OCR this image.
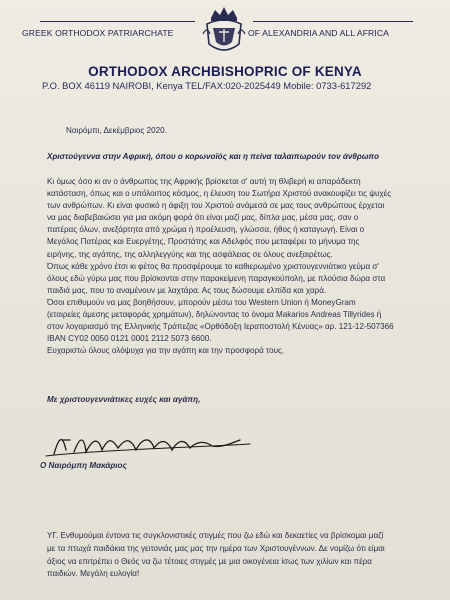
GREEK ORTHODOX PATRIARCHATE	OF ALEXANDRIA AND ALL AFRICA
ORTHODOX ARCHBISHOPRIC OF KENYA
P.O. BOX 46119 NAIROBI, Kenya TEL/FAX:020-2025449 Mobile: 0733-617292
Ναιρόμπι, Δεκέμβριος 2020.
Χριστούγεννα στην Αφρική, όπου ο κορωνοϊός και η πείνα ταλαιπωρούν τον άνθρωπο
Κι όμως όσο κι αν ο άνθρωπος της Αφρικής βρίσκεται σ' αυτή τη θλιβερή κι απαράδεκτη
κατάσταση, όπως και ο υπόλοιπος κόσμος, η έλευση του Σωτήρα Χριστού ανακουφίζει τις ψυχές
των ανθρώπων. Κι είναι φυσικό η άφιξη του Χριστού ανάμεσά σε μας τους ανθρώπους έρχεται
να μας διαβεβαιώσει για μια ακόμη φορά ότι είναι μαζί μας, δίπλα μας, μέσα μας, σαν ο
πατέρας όλων, ανεξάρτητα από χρώμα ή προέλευση, γλώσσα, ήθος ή καταγωγή. Είναι ο
Μεγάλος Πατέρας και Ευεργέτης, Προστάτης και Αδελφός που μεταφέρει το μήνυμα της
ειρήνης, της αγάπης, της αλληλεγγύης και της ασφάλειας σε όλους ανεξαιρέτως.
Όπως κάθε χρόνο έτσι κι φέτος θα προσφέρουμε το καθιερωμένο χριστουγεννιάτικο γεύμα σ'
όλους εδώ γύρω μας που βρίσκονται στην παρακείμενη παραγκούπολη, με πλούσια δώρα στα
παιδιά μας, που το αναμένουν με λαχτάρα. Ας τους δώσουμε ελπίδα και χαρά.
Όσοι επιθυμούν να μας βοηθήσουν, μπορούν μέσω του Western Union ή MoneyGram
(εταιρείες άμεσης μεταφοράς χρημάτων), δηλώνοντας το όνομα Makarios Andreas Tillyrides ή
στον λογαριασμό της Ελληνικής Τράπεζας «Ορθόδοξη Ιεραποστολή Κένυας» αρ. 121-12-507366
IBAN CY02 0050 0121 0001 2112 5073 6600.
Ευχαριστώ όλους ολόψυχα για την αγάπη και την προσφορά τους.
Με χριστουγεννιάτικες ευχές και αγάπη,
Ο Ναιρόμπη Μακάριος
ΥΓ. Ενθυμούμαι έντονα τις συγκλονιστικές στιγμές που ζω εδώ και δεκαετίες να βρίσκομαι μαζί
με τα πτωχά παιδάκια της γειτονιάς μας μας την ημέρα των Χριστουγέννων. Δε νομίζω ότι είμαι
άξιος να επιτρέπει ο Θεός να ζω τέτοιες στιγμές με μια οικογένεια ίσως των χιλίων και πέρα
παιδιών. Μεγάλη ευλογία!
